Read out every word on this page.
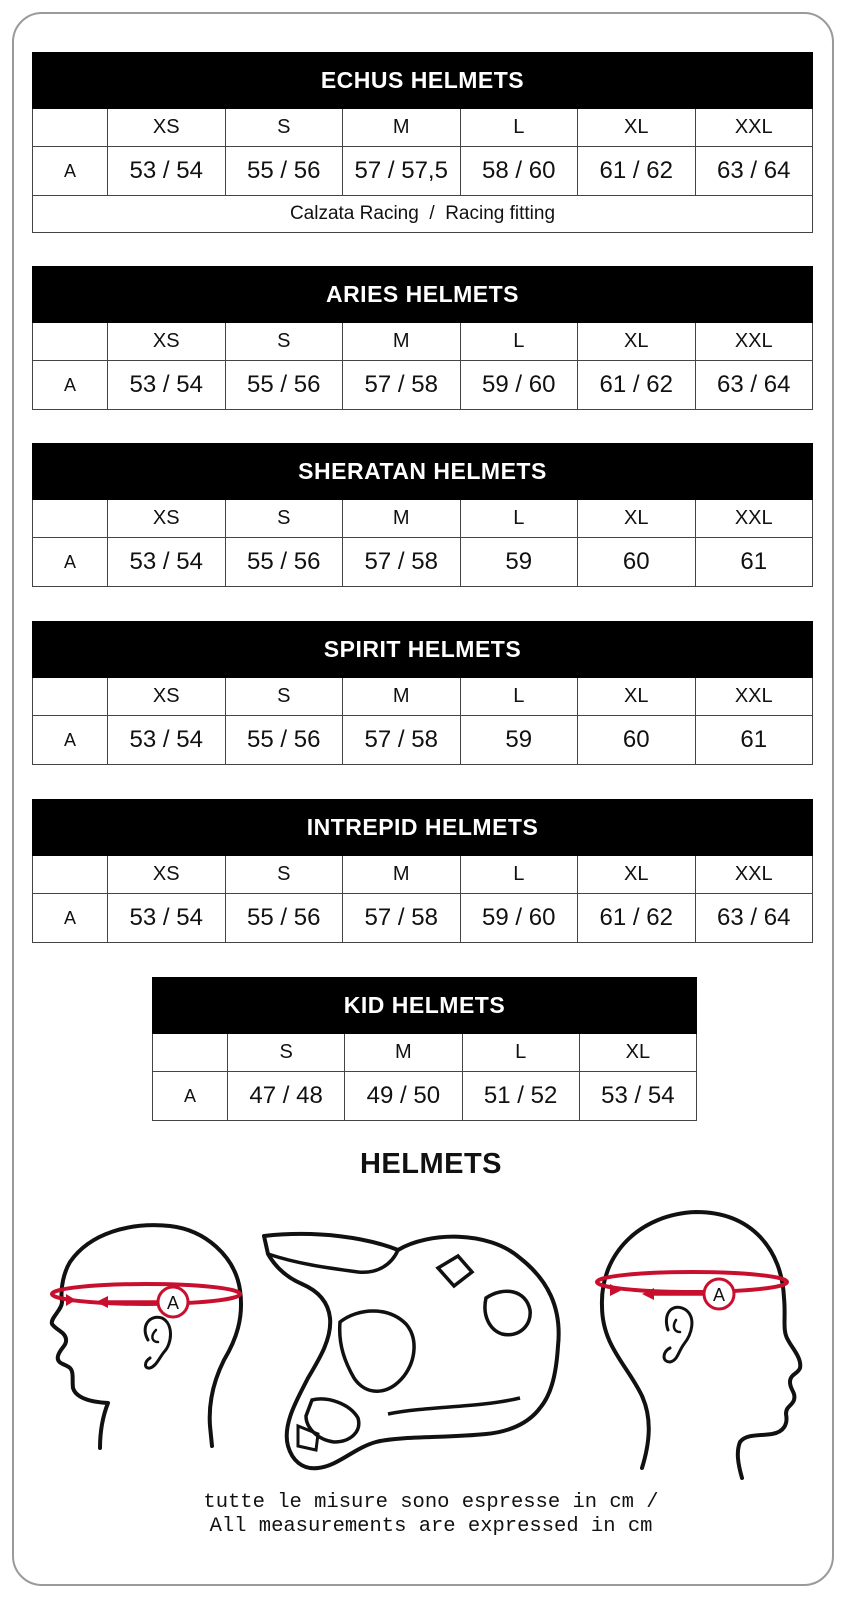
ECHUS HELMETS						
	XS	S	M	L	XL	XXL
A	53 / 54	55 / 56	57 / 57,5	58 / 60	61 / 62	63 / 64
Calzata Racing  /  Racing fitting						
ARIES HELMETS						
	XS	S	M	L	XL	XXL
A	53 / 54	55 / 56	57 / 58	59 / 60	61 / 62	63 / 64
SHERATAN HELMETS						
	XS	S	M	L	XL	XXL
A	53 / 54	55 / 56	57 / 58	59	60	61
SPIRIT HELMETS						
	XS	S	M	L	XL	XXL
A	53 / 54	55 / 56	57 / 58	59	60	61
INTREPID HELMETS						
	XS	S	M	L	XL	XXL
A	53 / 54	55 / 56	57 / 58	59 / 60	61 / 62	63 / 64
KID HELMETS				
	S	M	L	XL
A	47 / 48	49 / 50	51 / 52	53 / 54
HELMETS
A	A
tutte le misure sono espresse in cm /
All measurements are expressed in cm
